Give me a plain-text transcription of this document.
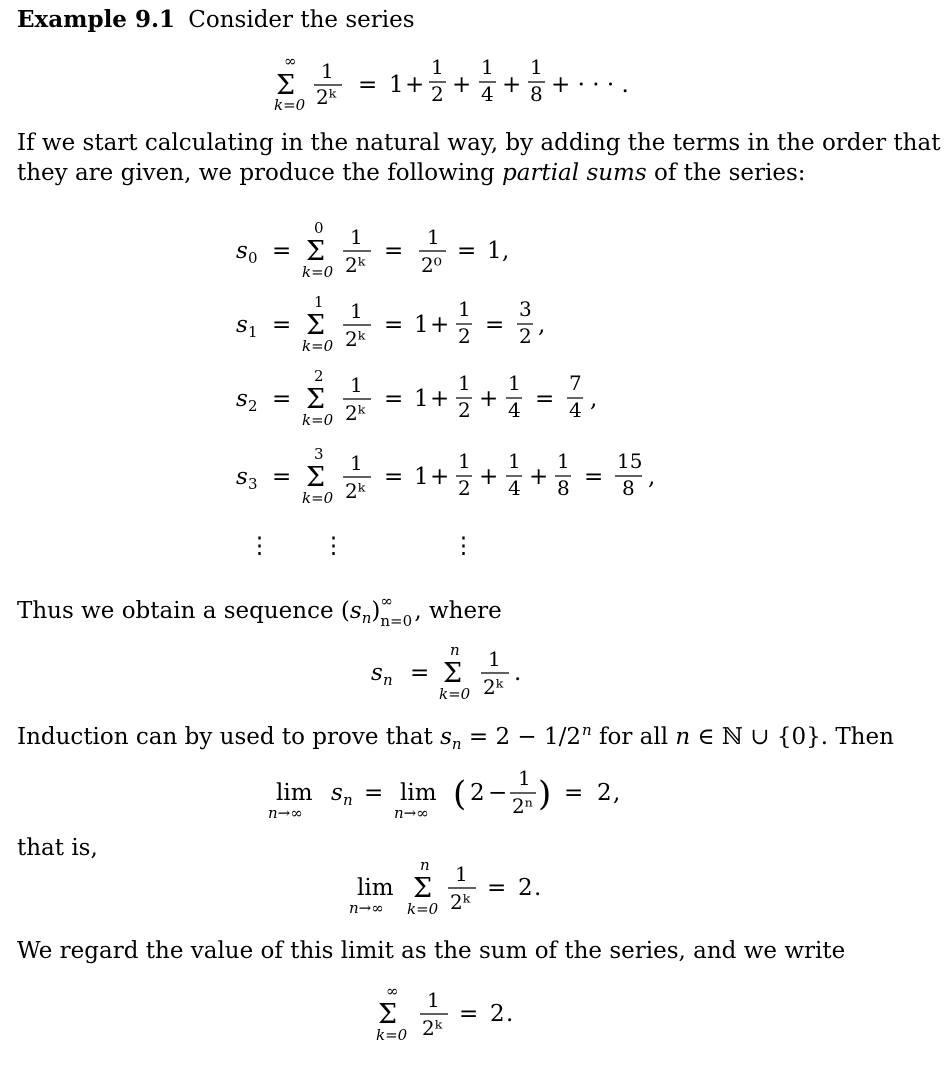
Example 9.1 Consider the series

If we start calculating in the natural way, by adding the terms in the order that

they are given, we produce the following partial sums of the series:

Thus we obtain a sequence $(s_n)$ ∞
n=0 , where

Induction can by used to prove that $s_n = 2 - 1/2^n$ for all n ∈ ℕ ∪ {0}. Then

that is,

We regard the value of this limit as the sum of the series, and we write

∞
Σ
k=0
1
2ᵏ = 1 +
1
2 +
1
4 +
1
8 + · · · .
s 0 =
0
Σ
k=0
1
2ᵏ
=
1
2⁰
= 1 ,
s 1 =
1
Σ
k=0
1
2ᵏ
= 1 +
1
2 =
3
2 ,
s 2 =
2
Σ
k=0
1
2ᵏ
= 1 +
1
2 +
1
4 =
7
4 ,
s 3 =
3
Σ
k=0
1
2ᵏ
= 1 +
1
2 +
1
4 +
1
8 =
15
8 ,
⋮ ⋮	⋮
s n =
n
Σ
k=0
1
2ᵏ
.
lim
n→∞
s n = lim
n→∞ ( 2 −
1
2ⁿ ) = 2 ,
lim
n→∞
n
Σ
k=0
1
2ᵏ
= 2 .
∞
Σ
k=0
1
2ᵏ
= 2 .
